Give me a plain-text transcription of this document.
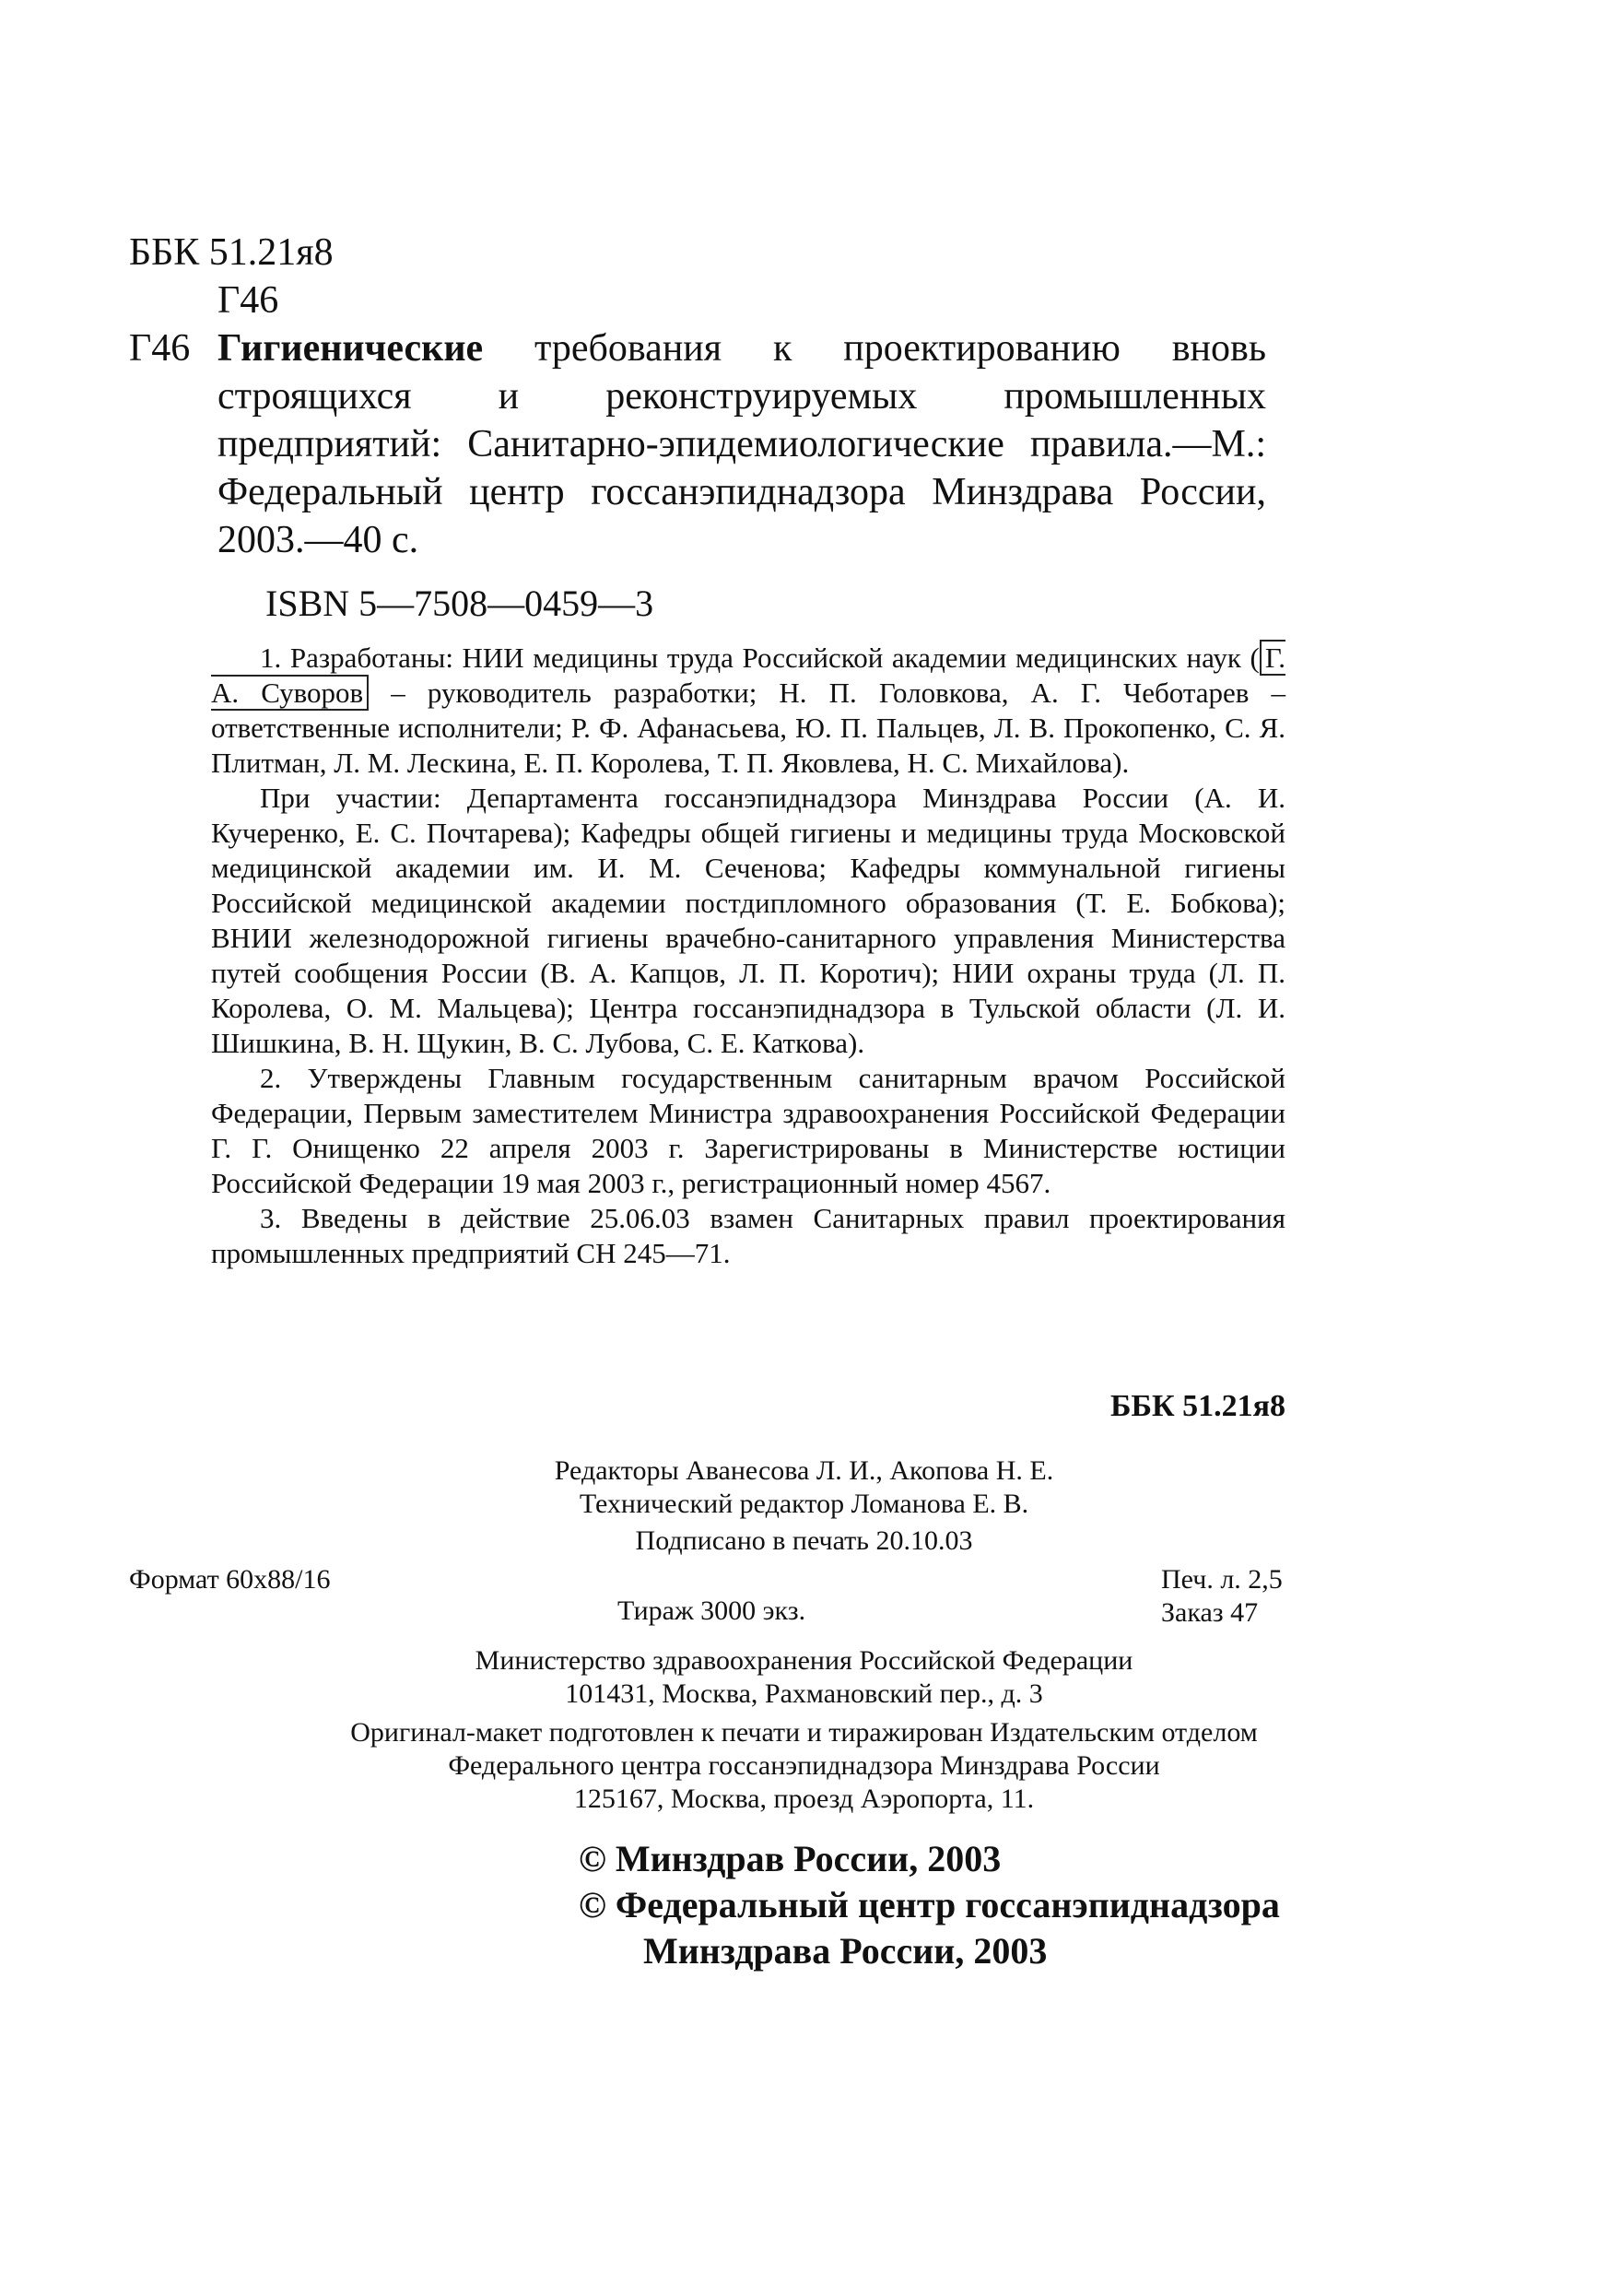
ББК 51.21я8
Г46
Г46 Гигиенические требования к проектированию вновь строящихся и реконструируемых промышленных предприятий: Санитарно-эпидемиологические правила.—М.: Федеральный центр госсанэпиднадзора Минздрава России, 2003.—40 с.
ISBN 5—7508—0459—3

1. Разработаны: НИИ медицины труда Российской академии медицинских наук ( Г. А. Суворов – руководитель разработки; Н. П. Головкова, А. Г. Чеботарев – ответственные исполнители; Р. Ф. Афанасьева, Ю. П. Пальцев, Л. В. Прокопенко, С. Я. Плитман, Л. М. Лескина, Е. П. Королева, Т. П. Яковлева, Н. С. Михайлова).

При участии: Департамента госсанэпиднадзора Минздрава России (А. И. Кучеренко, Е. С. Почтарева); Кафедры общей гигиены и медицины труда Московской медицинской академии им. И. М. Сеченова; Кафедры коммунальной гигиены Российской медицинской академии постдипломного образования (Т. Е. Бобкова); ВНИИ железнодорожной гигиены врачебно-санитарного управления Министерства путей сообщения России (В. А. Капцов, Л. П. Коротич); НИИ охраны труда (Л. П. Королева, О. М. Мальцева); Центра госсанэпиднадзора в Тульской области (Л. И. Шишкина, В. Н. Щукин, В. С. Лубова, С. Е. Каткова).

2. Утверждены Главным государственным санитарным врачом Российской Федерации, Первым заместителем Министра здравоохранения Российской Федерации Г. Г. Онищенко 22 апреля 2003 г. Зарегистрированы в Министерстве юстиции Российской Федерации 19 мая 2003 г., регистрационный номер 4567.

3. Введены в действие 25.06.03 взамен Санитарных правил проектирования промышленных предприятий СН 245—71.

ББК 51.21я8
Редакторы Аванесова Л. И., Акопова Н. Е.
Технический редактор Ломанова Е. В.
Подписано в печать 20.10.03
Формат 60x88/16	Печ. л. 2,5
Заказ 47
Тираж 3000 экз.
Министерство здравоохранения Российской Федерации
101431, Москва, Рахмановский пер., д. 3
Оригинал-макет подготовлен к печати и тиражирован Издательским отделом
Федерального центра госсанэпиднадзора Минздрава России
125167, Москва, проезд Аэропорта, 11.
© Минздрав России, 2003
© Федеральный центр госсанэпиднадзора
Минздрава России, 2003
